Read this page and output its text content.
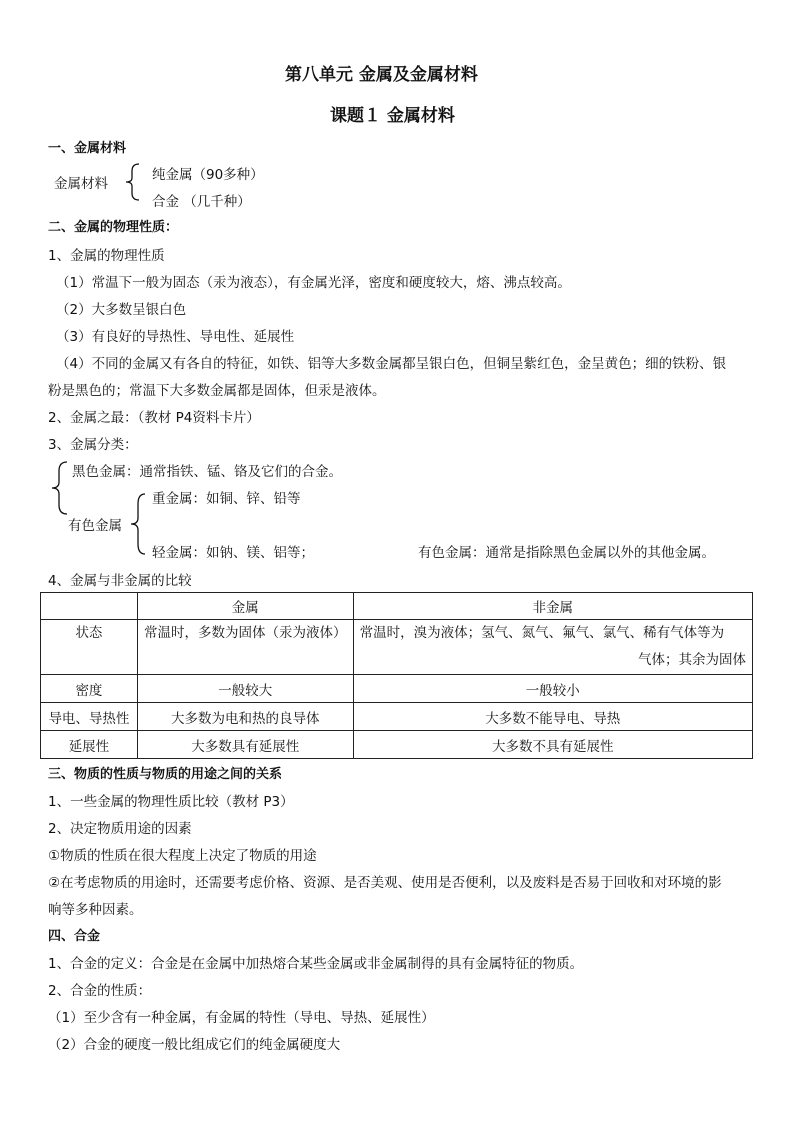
第八单元 金属及金属材料
课题１ 金属材料
一、金属材料
金属材料
纯金属（90多种）
合金 （几千种）
二、金属的物理性质：
1、金属的物理性质
（1）常温下一般为固态（汞为液态），有金属光泽，密度和硬度较大，熔、沸点较高。
（2）大多数呈银白色
（3）有良好的导热性、导电性、延展性
（4）不同的金属又有各自的特征，如铁、铝等大多数金属都呈银白色，但铜呈紫红色，金呈黄色；细的铁粉、银
粉是黑色的；常温下大多数金属都是固体，但汞是液体。
2、金属之最：（教材 P4资料卡片）
3、金属分类：
黑色金属：通常指铁、锰、铬及它们的合金。
有色金属
重金属：如铜、锌、铅等
轻金属：如钠、镁、铝等；	有色金属：通常是指除黑色金属以外的其他金属。
4、金属与非金属的比较
	金属	非金属
状态	常温时，多数为固体（汞为液体）	常温时，溴为液体；氢气、氮气、氟气、氯气、稀有气体等为
气体；其余为固体

密度	一般较大	一般较小
导电、导热性	大多数为电和热的良导体	大多数不能导电、导热
延展性	大多数具有延展性	大多数不具有延展性
三、物质的性质与物质的用途之间的关系
1、一些金属的物理性质比较（教材 P3）
2、决定物质用途的因素
①物质的性质在很大程度上决定了物质的用途
②在考虑物质的用途时，还需要考虑价格、资源、是否美观、使用是否便利，以及废料是否易于回收和对环境的影
响等多种因素。
四、合金
1、合金的定义：合金是在金属中加热熔合某些金属或非金属制得的具有金属特征的物质。
2、合金的性质：
（1）至少含有一种金属，有金属的特性（导电、导热、延展性）
（2）合金的硬度一般比组成它们的纯金属硬度大
